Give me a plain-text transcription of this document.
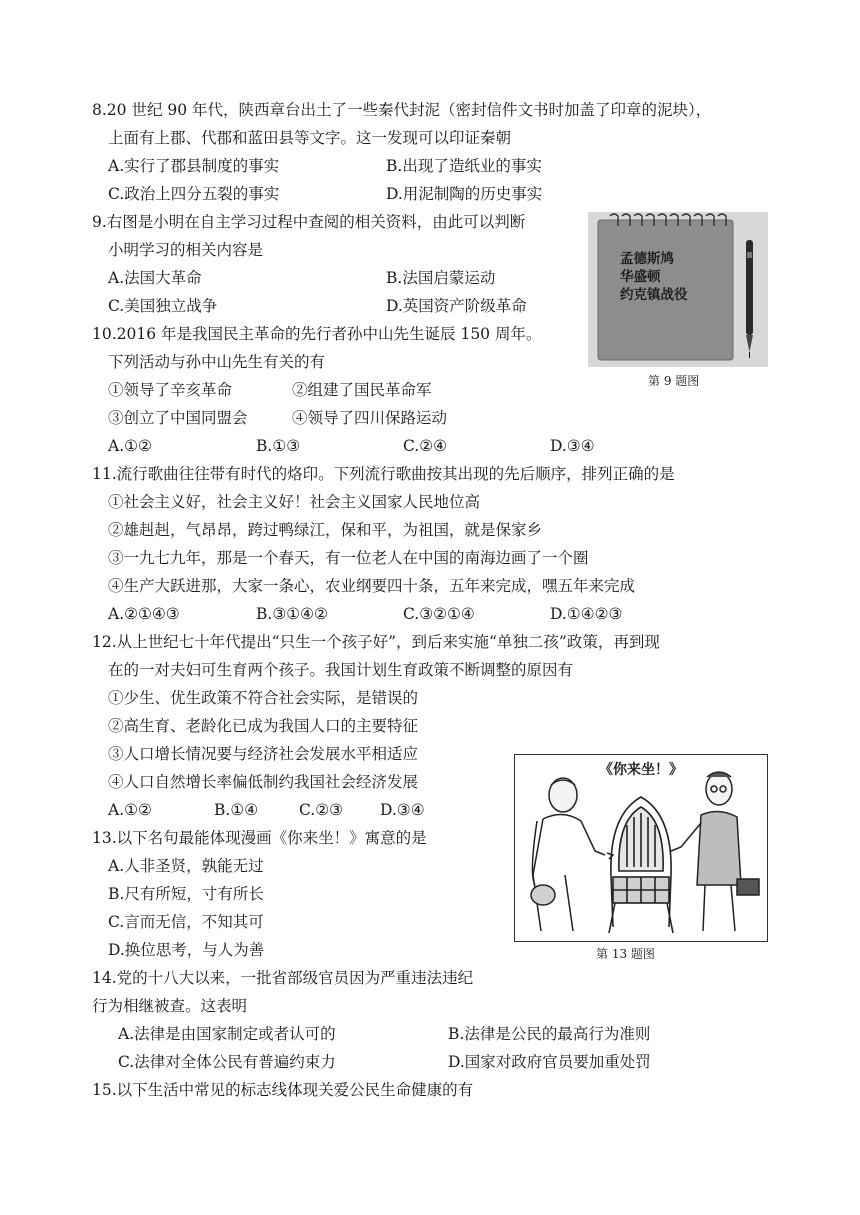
8.20 世纪 90 年代，陕西章台出土了一些秦代封泥（密封信件文书时加盖了印章的泥块），
上面有上郡、代郡和蓝田县等文字。这一发现可以印证秦朝
A.实行了郡县制度的事实	B.出现了造纸业的事实
C.政治上四分五裂的事实	D.用泥制陶的历史事实
9.右图是小明在自主学习过程中查阅的相关资料，由此可以判断
小明学习的相关内容是
A.法国大革命	B.法国启蒙运动
C.美国独立战争	D.英国资产阶级革命
孟德斯鸠
华盛顿
约克镇战役
第 9 题图
10.2016 年是我国民主革命的先行者孙中山先生诞辰 150 周年。
下列活动与孙中山先生有关的有
①领导了辛亥革命	②组建了国民革命军
③创立了中国同盟会	④领导了四川保路运动
A.①②	B.①③	C.②④	D.③④
11.流行歌曲往往带有时代的烙印。下列流行歌曲按其出现的先后顺序，排列正确的是
①社会主义好，社会主义好！社会主义国家人民地位高
②雄赳赳，气昂昂，跨过鸭绿江，保和平，为祖国，就是保家乡
③一九七九年，那是一个春天，有一位老人在中国的南海边画了一个圈
④生产大跃进那，大家一条心，农业纲要四十条，五年来完成，嘿五年来完成
A.②①④③	B.③①④②	C.③②①④	D.①④②③
12.从上世纪七十年代提出“只生一个孩子好”，到后来实施“单独二孩”政策，再到现
在的一对夫妇可生育两个孩子。我国计划生育政策不断调整的原因有
①少生、优生政策不符合社会实际，是错误的
②高生育、老龄化已成为我国人口的主要特征
③人口增长情况要与经济社会发展水平相适应
④人口自然增长率偏低制约我国社会经济发展
A.①②	B.①④	C.②③ D.③④
《你来坐！》
第 13 题图
13.以下名句最能体现漫画《你来坐！》寓意的是
A.人非圣贤，孰能无过
B.尺有所短，寸有所长
C.言而无信，不知其可
D.换位思考，与人为善
14.党的十八大以来，一批省部级官员因为严重违法违纪
行为相继被查。这表明
A.法律是由国家制定或者认可的	B.法律是公民的最高行为准则
C.法律对全体公民有普遍约束力	D.国家对政府官员要加重处罚
15.以下生活中常见的标志线体现关爱公民生命健康的有
